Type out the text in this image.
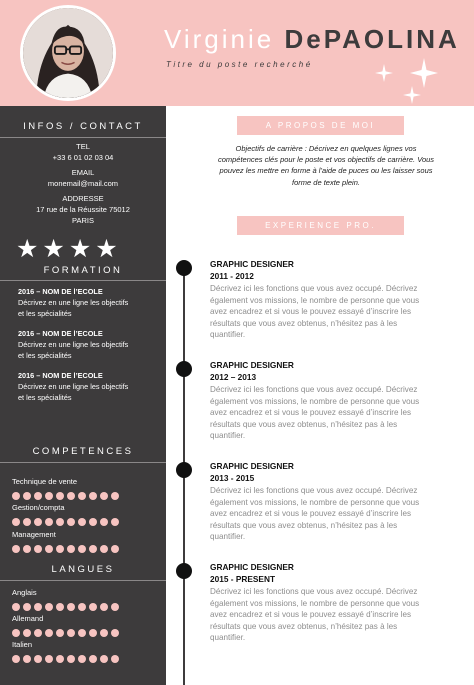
Virginie DePAOLINA
Titre du poste recherché
INFOS / CONTACT
TEL
+33 6 01 02 03 04
EMAIL
monemail@mail.com
ADDRESSE
17 rue de la Réussite 75012
PARIS
★ ★ ★ ★
FORMATION
2016 – NOM DE l’ECOLE
Décrivez en une ligne les objectifs
et les spécialités
2016 – NOM DE l’ECOLE
Décrivez en une ligne les objectifs
et les spécialités
2016 – NOM DE l’ECOLE
Décrivez en une ligne les objectifs
et les spécialités
COMPETENCES
Technique de vente
Gestion/compta
Management
LANGUES
Anglais
Allemand
Italien
A PROPOS DE MOI
Objectifs de carrière : Décrivez en quelques lignes vos
compétences clés pour le poste et vos objectifs de carrière. Vous
pouvez les mettre en forme à l’aide de puces ou les laisser sous
forme de texte plein.
EXPERIENCE PRO.
GRAPHIC DESIGNER
2011 - 2012
Décrivez ici les fonctions que vous avez occupé. Décrivez
également vos missions, le nombre de personne que vous
avez encadrez et si vous le pouvez essayé d’inscrire les
résultats que vous avez obtenus, n’hésitez pas à les
quantifier.
GRAPHIC DESIGNER
2012 – 2013
Décrivez ici les fonctions que vous avez occupé. Décrivez
également vos missions, le nombre de personne que vous
avez encadrez et si vous le pouvez essayé d’inscrire les
résultats que vous avez obtenus, n’hésitez pas à les
quantifier.
GRAPHIC DESIGNER
2013 - 2015
Décrivez ici les fonctions que vous avez occupé. Décrivez
également vos missions, le nombre de personne que vous
avez encadrez et si vous le pouvez essayé d’inscrire les
résultats que vous avez obtenus, n’hésitez pas à les
quantifier.
GRAPHIC DESIGNER
2015 - PRESENT
Décrivez ici les fonctions que vous avez occupé. Décrivez
également vos missions, le nombre de personne que vous
avez encadrez et si vous le pouvez essayé d’inscrire les
résultats que vous avez obtenus, n’hésitez pas à les
quantifier.
